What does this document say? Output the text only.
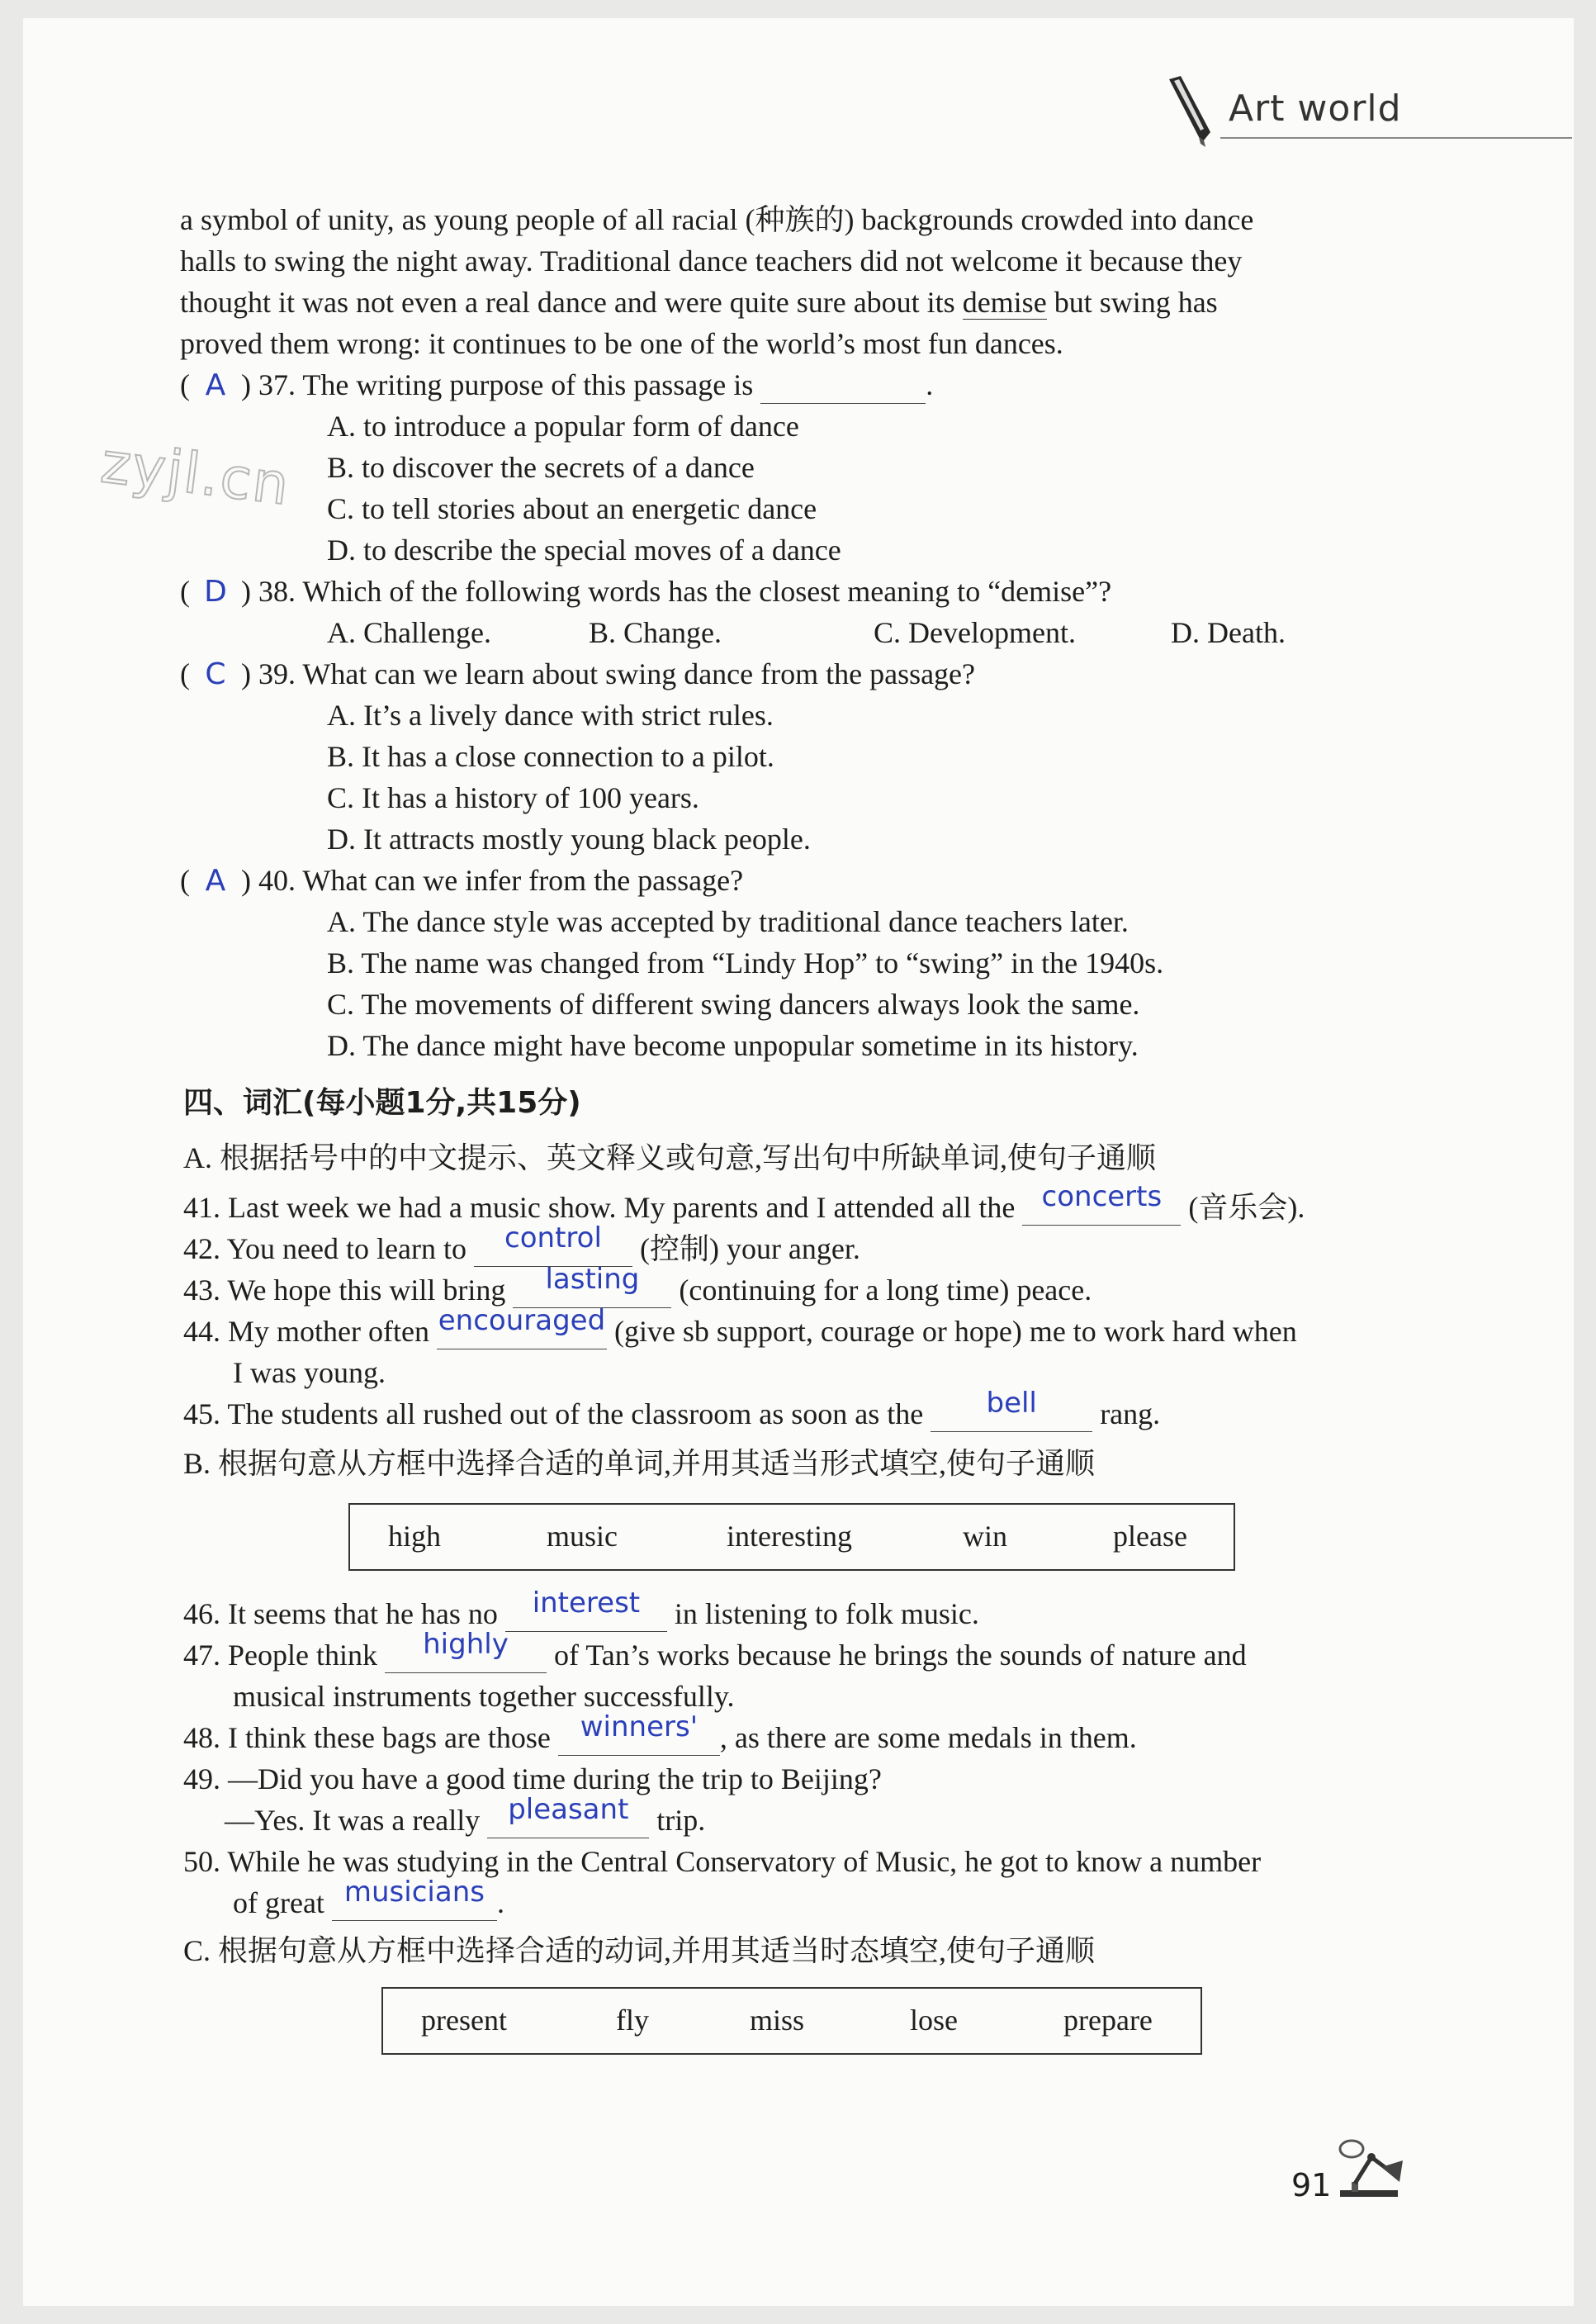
Art world
zyjl.cn
a symbol of unity, as young people of all racial (种族的) backgrounds crowded into dance
halls to swing the night away. Traditional dance teachers did not welcome it because they
thought it was not even a real dance and were quite sure about its demise but swing has
proved them wrong: it continues to be one of the world’s most fun dances.
( A ) 37. The writing purpose of this passage is	.
A. to introduce a popular form of dance
B. to discover the secrets of a dance
C. to tell stories about an energetic dance
D. to describe the special moves of a dance
( D ) 38. Which of the following words has the closest meaning to “demise”?
A. Challenge.	B. Change.	C. Development.	D. Death.
( C ) 39. What can we learn about swing dance from the passage?
A. It’s a lively dance with strict rules.
B. It has a close connection to a pilot.
C. It has a history of 100 years.
D. It attracts mostly young black people.
( A ) 40. What can we infer from the passage?
A. The dance style was accepted by traditional dance teachers later.
B. The name was changed from “Lindy Hop” to “swing” in the 1940s.
C. The movements of different swing dancers always look the same.
D. The dance might have become unpopular sometime in its history.
四、词汇(每小题1分,共15分)
A. 根据括号中的中文提示、英文释义或句意,写出句中所缺单词,使句子通顺
41. Last week we had a music show. My parents and I attended all the concerts (音乐会).
42. You need to learn to control (控制) your anger.
43. We hope this will bring lasting (continuing for a long time) peace.
44. My mother often encouraged (give sb support, courage or hope) me to work hard when
I was young.
45. The students all rushed out of the classroom as soon as the bell rang.
B. 根据句意从方框中选择合适的单词,并用其适当形式填空,使句子通顺
high	music	interesting	win	please
46. It seems that he has no interest in listening to folk music.
47. People think highly of Tan’s works because he brings the sounds of nature and
musical instruments together successfully.
48. I think these bags are those winners' , as there are some medals in them.
49. —Did you have a good time during the trip to Beijing?
—Yes. It was a really pleasant trip.
50. While he was studying in the Central Conservatory of Music, he got to know a number
of great musicians .
C. 根据句意从方框中选择合适的动词,并用其适当时态填空,使句子通顺
present	fly	miss	lose	prepare
91
